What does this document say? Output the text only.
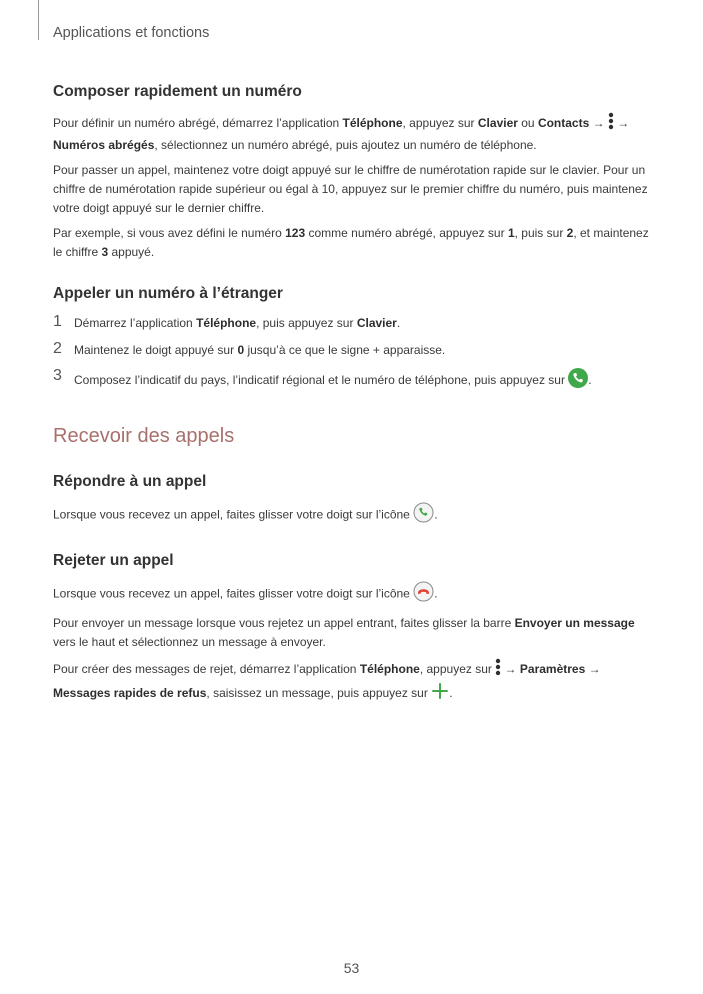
Applications et fonctions
Composer rapidement un numéro

Pour définir un numéro abrégé, démarrez l’application Téléphone, appuyez sur Clavier ou Contacts →  →
Numéros abrégés, sélectionnez un numéro abrégé, puis ajoutez un numéro de téléphone.

Pour passer un appel, maintenez votre doigt appuyé sur le chiffre de numérotation rapide sur le clavier. Pour un chiffre de numérotation rapide supérieur ou égal à 10, appuyez sur le premier chiffre du numéro, puis maintenez votre doigt appuyé sur le dernier chiffre.

Par exemple, si vous avez défini le numéro 123 comme numéro abrégé, appuyez sur 1, puis sur 2, et maintenez le chiffre 3 appuyé.

Appeler un numéro à l’étranger
1 Démarrez l’application Téléphone, puis appuyez sur Clavier.
2 Maintenez le doigt appuyé sur 0 jusqu’à ce que le signe + apparaisse.
3 Composez l’indicatif du pays, l’indicatif régional et le numéro de téléphone, puis appuyez sur .
Recevoir des appels
Répondre à un appel

Lorsque vous recevez un appel, faites glisser votre doigt sur l’icône .

Rejeter un appel

Lorsque vous recevez un appel, faites glisser votre doigt sur l’icône .

Pour envoyer un message lorsque vous rejetez un appel entrant, faites glisser la barre Envoyer un message vers le haut et sélectionnez un message à envoyer.

Pour créer des messages de rejet, démarrez l’application Téléphone, appuyez sur  → Paramètres →
Messages rapides de refus, saisissez un message, puis appuyez sur .

53
